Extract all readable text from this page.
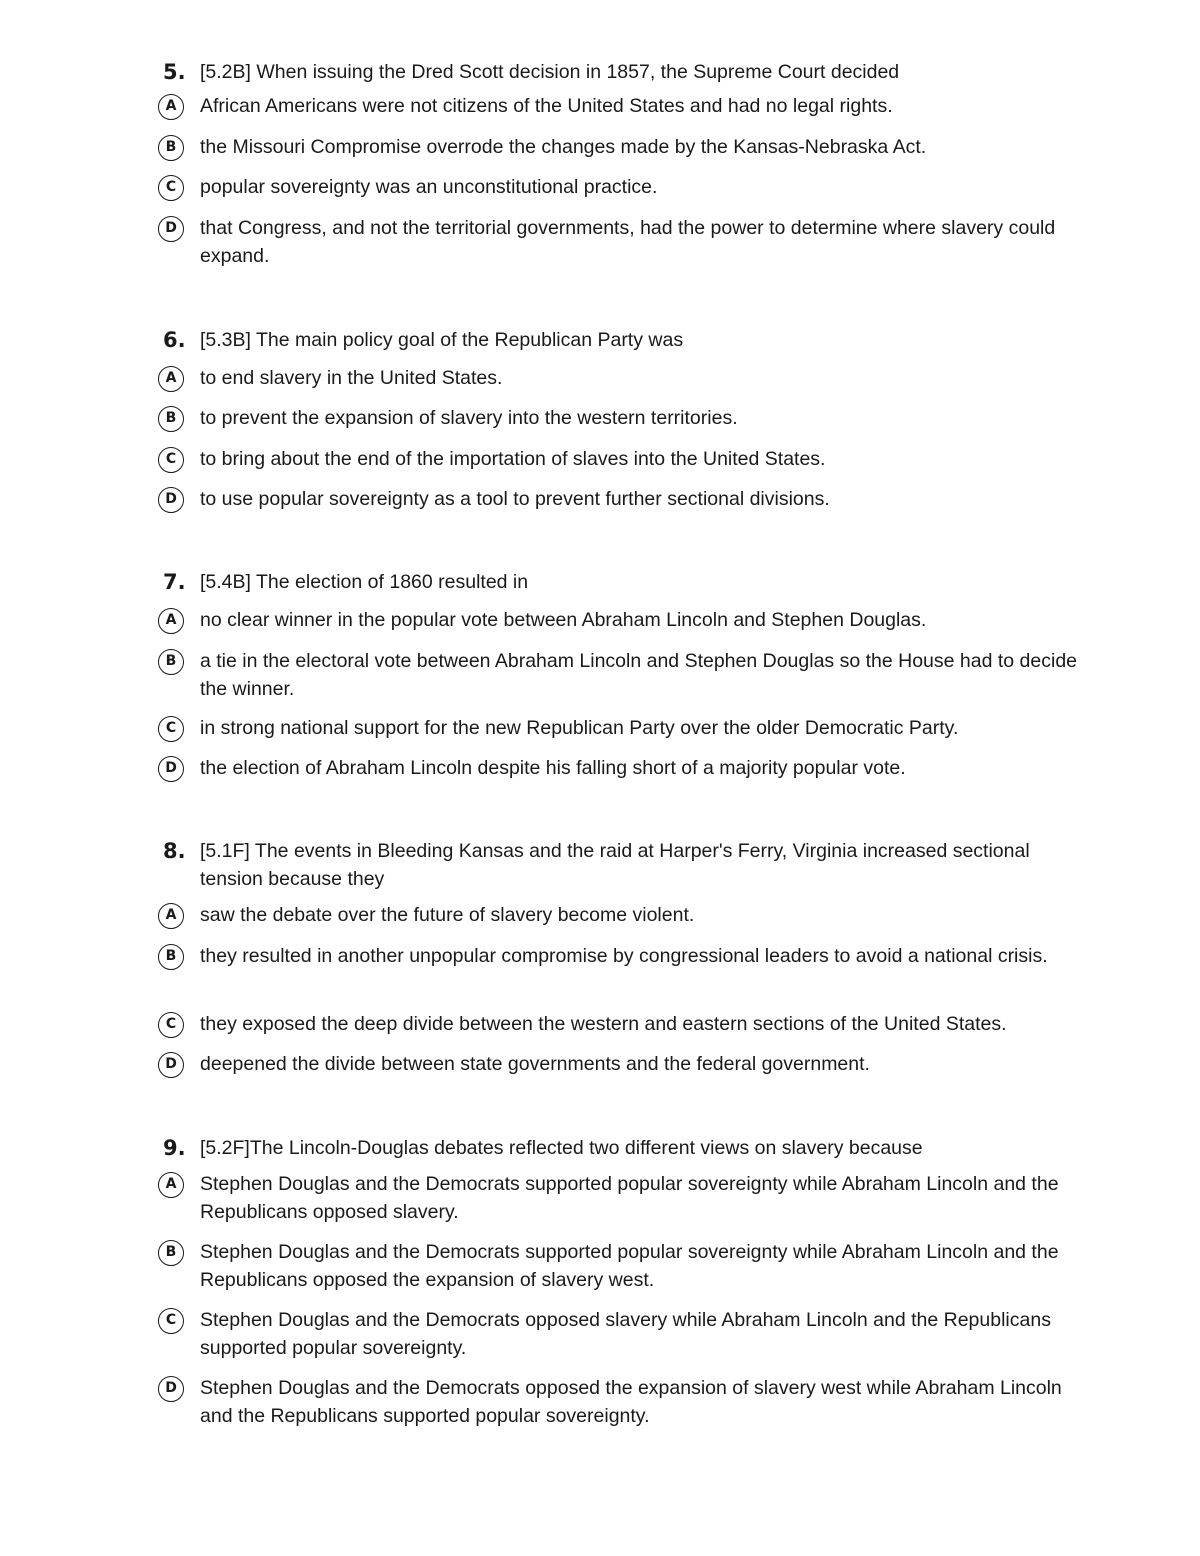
5. [5.2B] When issuing the Dred Scott decision in 1857, the Supreme Court decided
A	African Americans were not citizens of the United States and had no legal rights.
B	the Missouri Compromise overrode the changes made by the Kansas-Nebraska Act.
C	popular sovereignty was an unconstitutional practice.
D	that Congress, and not the territorial governments, had the power to determine where slavery could expand.
6. [5.3B] The main policy goal of the Republican Party was
A	to end slavery in the United States.
B	to prevent the expansion of slavery into the western territories.
C	to bring about the end of the importation of slaves into the United States.
D	to use popular sovereignty as a tool to prevent further sectional divisions.
7. [5.4B] The election of 1860 resulted in
A	no clear winner in the popular vote between Abraham Lincoln and Stephen Douglas.
B	a tie in the electoral vote between Abraham Lincoln and Stephen Douglas so the House had to decide the winner.
C	in strong national support for the new Republican Party over the older Democratic Party.
D	the election of Abraham Lincoln despite his falling short of a majority popular vote.
8. [5.1F] The events in Bleeding Kansas and the raid at Harper's Ferry, Virginia increased sectional tension because they
A	saw the debate over the future of slavery become violent.
B	they resulted in another unpopular compromise by congressional leaders to avoid a national crisis.
C	they exposed the deep divide between the western and eastern sections of the United States.
D	deepened the divide between state governments and the federal government.
9. [5.2F]The Lincoln-Douglas debates reflected two different views on slavery because
A	Stephen Douglas and the Democrats supported popular sovereignty while Abraham Lincoln and the Republicans opposed slavery.
B	Stephen Douglas and the Democrats supported popular sovereignty while Abraham Lincoln and the Republicans opposed the expansion of slavery west.
C	Stephen Douglas and the Democrats opposed slavery while Abraham Lincoln and the Republicans supported popular sovereignty.
D	Stephen Douglas and the Democrats opposed the expansion of slavery west while Abraham Lincoln and the Republicans supported popular sovereignty.
